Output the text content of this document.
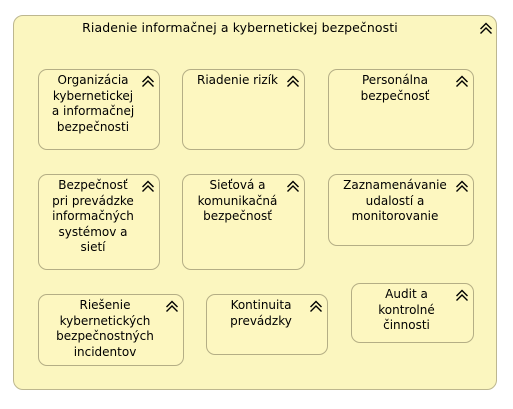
Riadenie informačnej a kybernetickej bezpečnosti
Organizácia
kybernetickej
a informačnej
bezpečnosti
Riadenie rizík	Personálna
bezpečnosť
Bezpečnosť
pri prevádzke
informačných
systémov a
sietí
Sieťová a
komunikačná
bezpečnosť
Zaznamenávanie
udalostí a
monitorovanie
Riešenie
kybernetických
bezpečnostných
incidentov
Kontinuita
prevádzky
Audit a
kontrolné
činnosti
